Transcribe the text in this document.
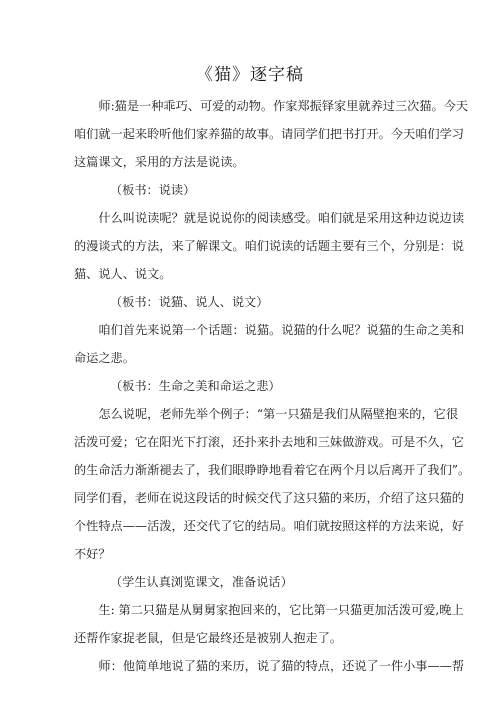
《猫》逐字稿

师:猫是一种乖巧、可爱的动物。作家郑振铎家里就养过三次猫。今天
咱们就一起来聆听他们家养猫的故事。请同学们把书打开。今天咱们学习
这篇课文，采用的方法是说读。

（板书：说读）

什么叫说读呢？就是说说你的阅读感受。咱们就是采用这种边说边读
的漫谈式的方法，来了解课文。咱们说读的话题主要有三个，分别是：说
猫、说人、说文。

（板书：说猫、说人、说文）

咱们首先来说第一个话题：说猫。说猫的什么呢？说猫的生命之美和
命运之悲。

（板书：生命之美和命运之悲）

怎么说呢，老师先举个例子：“第一只猫是我们从隔壁抱来的，它很
活泼可爱；它在阳光下打滚，还扑来扑去地和三妹做游戏。可是不久，它
的生命活力渐渐褪去了，我们眼睁睁地看着它在两个月以后离开了我们”。
同学们看，老师在说这段话的时候交代了这只猫的来历，介绍了这只猫的
个性特点——活泼，还交代了它的结局。咱们就按照这样的方法来说，好
不好？

（学生认真浏览课文，准备说话）

生: 第二只猫是从舅舅家抱回来的，它比第一只猫更加活泼可爱,晚上
还帮作家捉老鼠，但是它最终还是被别人抱走了。

师：他简单地说了猫的来历，说了猫的特点，还说了一件小事——帮
